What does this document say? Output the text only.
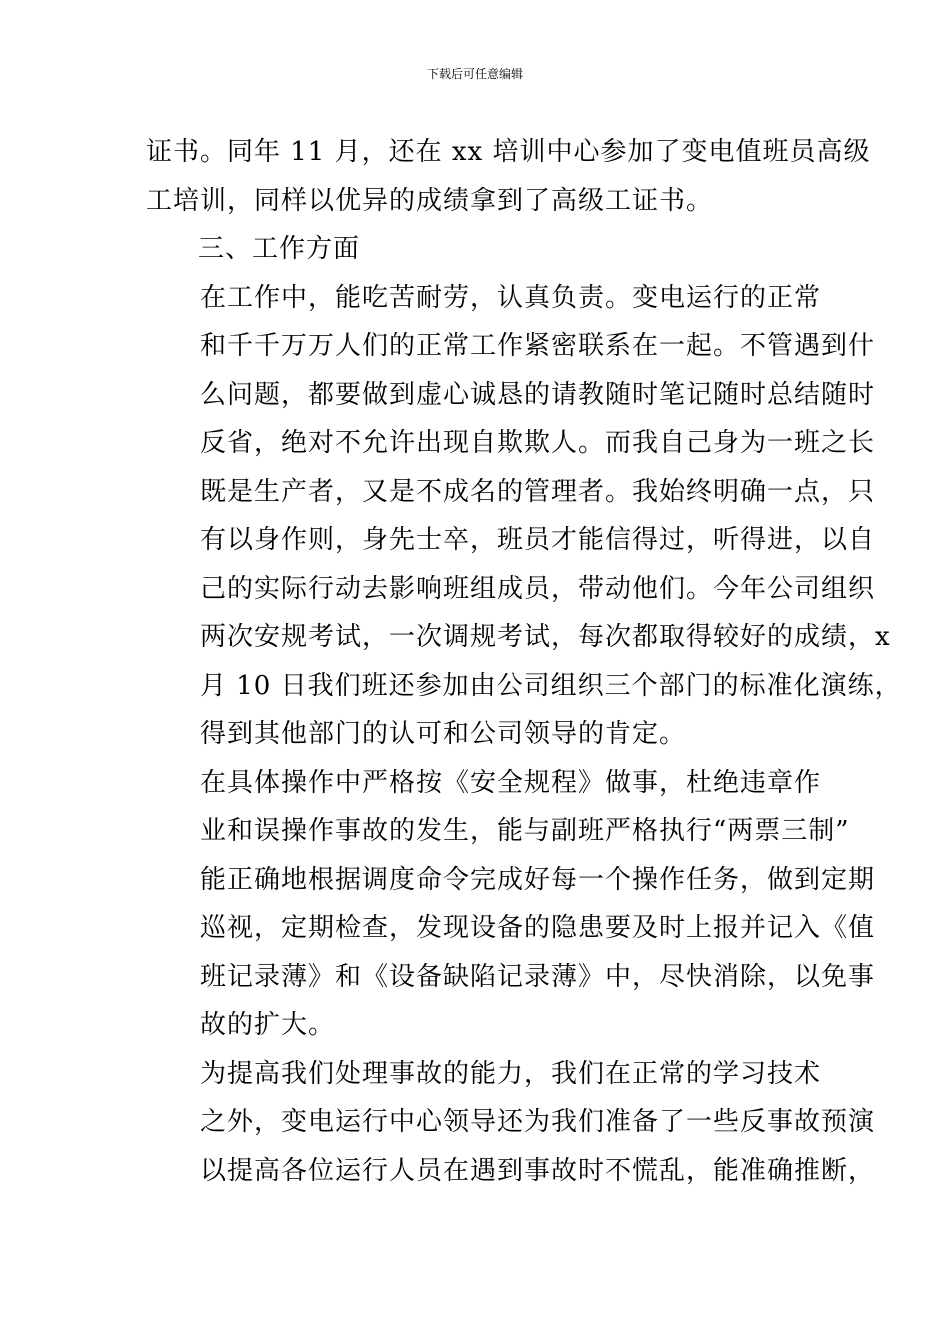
下载后可任意编辑

证书。同年 11 月，还在 xx 培训中心参加了变电值班员高级
工培训，同样以优异的成绩拿到了高级工证书。

三、工作方面

在工作中，能吃苦耐劳，认真负责。变电运行的正常
和千千万万人们的正常工作紧密联系在一起。不管遇到什
么问题，都要做到虚心诚恳的请教随时笔记随时总结随时
反省，绝对不允许出现自欺欺人。而我自己身为一班之长
既是生产者，又是不成名的管理者。我始终明确一点，只
有以身作则，身先士卒，班员才能信得过，听得进，以自
己的实际行动去影响班组成员，带动他们。今年公司组织
两次安规考试，一次调规考试，每次都取得较好的成绩，x
月 10 日我们班还参加由公司组织三个部门的标准化演练，
得到其他部门的认可和公司领导的肯定。

在具体操作中严格按《安全规程》做事，杜绝违章作
业和误操作事故的发生，能与副班严格执行“两票三制”
能正确地根据调度命令完成好每一个操作任务，做到定期
巡视，定期检查，发现设备的隐患要及时上报并记入《值
班记录薄》和《设备缺陷记录薄》中，尽快消除，以免事
故的扩大。

为提高我们处理事故的能力，我们在正常的学习技术
之外，变电运行中心领导还为我们准备了一些反事故预演
以提高各位运行人员在遇到事故时不慌乱，能准确推断，
